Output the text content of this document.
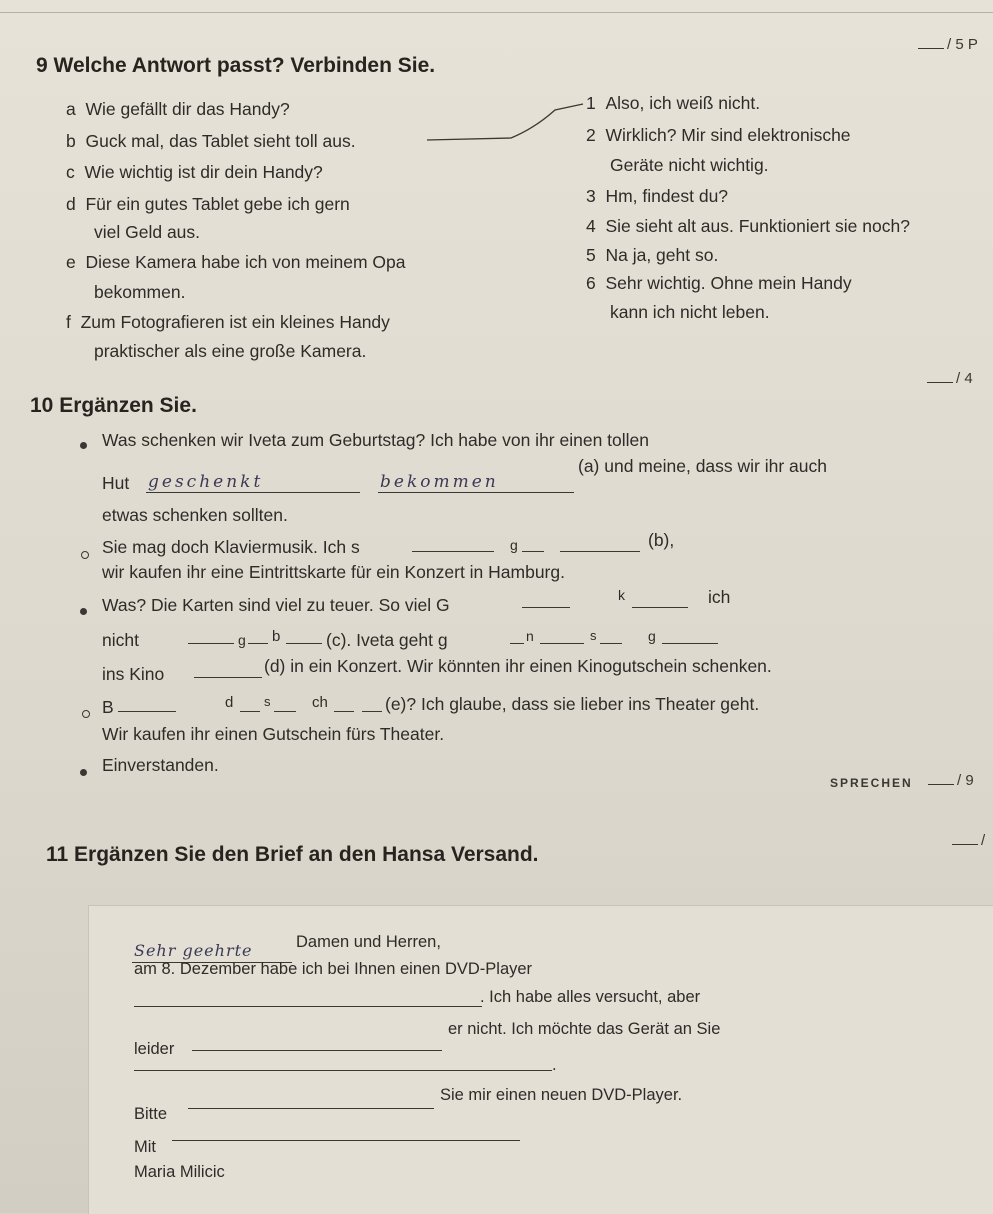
/ 5 P
9 Welche Antwort passt? Verbinden Sie.
a Wie gefällt dir das Handy?
b Guck mal, das Tablet sieht toll aus.
c Wie wichtig ist dir dein Handy?
d Für ein gutes Tablet gebe ich gern
viel Geld aus.
e Diese Kamera habe ich von meinem Opa
bekommen.
f Zum Fotografieren ist ein kleines Handy
praktischer als eine große Kamera.
1 Also, ich weiß nicht.
2 Wirklich? Mir sind elektronische
Geräte nicht wichtig.
3 Hm, findest du?
4 Sie sieht alt aus. Funktioniert sie noch?
5 Na ja, geht so.
6 Sehr wichtig. Ohne mein Handy
kann ich nicht leben.
/ 4
10 Ergänzen Sie.
Was schenken wir Iveta zum Geburtstag? Ich habe von ihr einen tollen
Hut geschenkt	bekommen
(a) und meine, dass wir ihr auch
etwas schenken sollten.
Sie mag doch Klaviermusik. Ich s	g	(b),
wir kaufen ihr eine Eintrittskarte für ein Konzert in Hamburg.
Was? Die Karten sind viel zu teuer. So viel G	k	ich
nicht	g b	(c). Iveta geht g	n	s	g
ins Kino	(d) in ein Konzert. Wir könnten ihr einen Kinogutschein schenken.
B	d s	ch	(e)? Ich glaube, dass sie lieber ins Theater geht.
Wir kaufen ihr einen Gutschein fürs Theater.
Einverstanden.
SPRECHEN	/ 9
/
11 Ergänzen Sie den Brief an den Hansa Versand.
Sehr geehrte	Damen und Herren,
am 8. Dezember habe ich bei Ihnen einen DVD-Player
. Ich habe alles versucht, aber
leider
er nicht. Ich möchte das Gerät an Sie
.
Bitte
Sie mir einen neuen DVD-Player.
Mit
Maria Milicic
